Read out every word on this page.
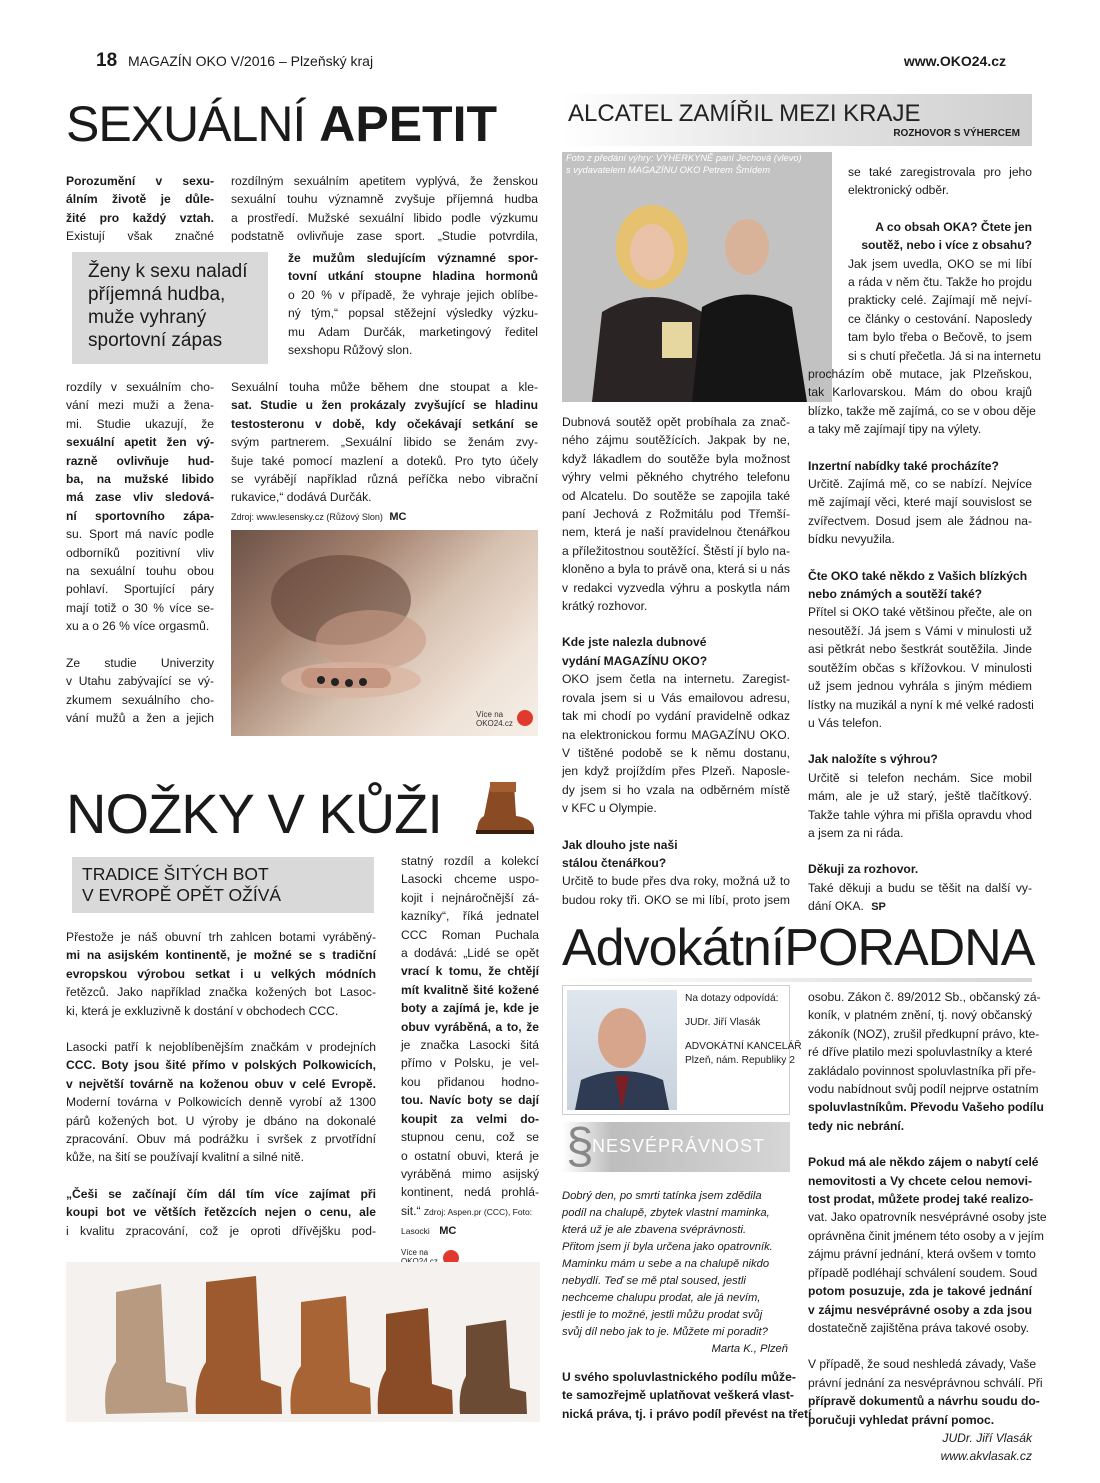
18 MAGAZÍN OKO V/2016 – Plzeňský kraj	www.OKO24.cz
SEXUÁLNÍ APETIT
Porozumění v sexu-
álním životě je důle-
žité pro každý vztah.
Existují však značné
Ženy k sexu naladí
příjemná hudba,
muže vyhraný
sportovní zápas
rozdíly v sexuálním cho-
vání mezi muži a žena-
mi. Studie ukazují, že
sexuální apetit žen vý-
razně ovlivňuje hud-
ba, na mužské libido
má zase vliv sledová-
ní sportovního zápa-
su. Sport má navíc podle
odborníků pozitivní vliv
na sexuální touhu obou
pohlaví. Sportující páry
mají totiž o 30 % více se-
xu a o 26 % více orgasmů.
Ze studie Univerzity
v Utahu zabývající se vý-
zkumem sexuálního cho-
vání mužů a žen a jejich
rozdílným sexuálním apetitem vyplývá, že ženskou
sexuální touhu významně zvyšuje příjemná hudba
a prostředí. Mužské sexuální libido podle výzkumu
podstatně ovlivňuje zase sport. „Studie potvrdila,
že mužům sledujícím významné spor-
tovní utkání stoupne hladina hormonů
o 20 % v případě, že vyhraje jejich oblíbe-
ný tým,“ popsal stěžejní výsledky výzku-
mu Adam Durčák, marketingový ředitel
sexshopu Růžový slon.
Sexuální touha může během dne stoupat a kle-
sat. Studie u žen prokázaly zvyšující se hladinu
testosteronu v době, kdy očekávají setkání se
svým partnerem. „Sexuální libido se ženám zvy-
šuje také pomocí mazlení a doteků. Pro tyto účely
se vyrábějí například různá peříčka nebo vibrační
rukavice,“ dodává Durčák.
Zdroj: www.lesensky.cz (Růžový Slon) MC
Více na
OKO24.cz
ALCATEL ZAMÍŘIL MEZI KRAJE
ROZHOVOR S VÝHERCEM
Foto z předání výhry: VÝHERKYNĚ paní Jechová (vlevo)
s vydavatelem MAGAZÍNU OKO Petrem Šmídem
Dubnová soutěž opět probíhala za znač-
ného zájmu soutěžících. Jakpak by ne,
když lákadlem do soutěže byla možnost
výhry velmi pěkného chytrého telefonu
od Alcatelu. Do soutěže se zapojila také
paní Jechová z Rožmitálu pod Třemší-
nem, která je naší pravidelnou čtenářkou
a příležitostnou soutěžící. Štěstí jí bylo na-
kloněno a byla to právě ona, která si u nás
v redakci vyzvedla výhru a poskytla nám
krátký rozhovor.
Kde jste nalezla dubnové
vydání MAGAZÍNU OKO?
OKO jsem četla na internetu. Zaregist-
rovala jsem si u Vás emailovou adresu,
tak mi chodí po vydání pravidelně odkaz
na elektronickou formu MAGAZÍNU OKO.
V tištěné podobě se k němu dostanu,
jen když projíždím přes Plzeň. Naposle-
dy jsem si ho vzala na odběrném místě
v KFC u Olympie.
Jak dlouho jste naši
stálou čtenářkou?
Určitě to bude přes dva roky, možná už to
budou roky tři. OKO se mi líbí, proto jsem
se také zaregistrovala pro jeho
elektronický odběr.
A co obsah OKA? Čtete jen
soutěž, nebo i více z obsahu?
Jak jsem uvedla, OKO se mi líbí
a ráda v něm čtu. Takže ho projdu
prakticky celé. Zajímají mě nejví-
ce články o cestování. Naposledy
tam bylo třeba o Bečově, to jsem
si s chutí přečetla. Já si na internetu
procházím obě mutace, jak Plzeňskou,
tak Karlovarskou. Mám do obou krajů
blízko, takže mě zajímá, co se v obou děje
a taky mě zajímají tipy na výlety.
Inzertní nabídky také procházíte?
Určitě. Zajímá mě, co se nabízí. Nejvíce
mě zajímají věci, které mají souvislost se
zvířectvem. Dosud jsem ale žádnou na-
bídku nevyužila.
Čte OKO také někdo z Vašich blízkých
nebo známých a soutěží také?
Přítel si OKO také většinou přečte, ale on
nesoutěží. Já jsem s Vámi v minulosti už
asi pětkrát nebo šestkrát soutěžila. Jinde
soutěžím občas s křížovkou. V minulosti
už jsem jednou vyhrála s jiným médiem
lístky na muzikál a nyní k mé velké radosti
u Vás telefon.
Jak naložíte s výhrou?
Určitě si telefon nechám. Sice mobil
mám, ale je už starý, ještě tlačítkový.
Takže tahle výhra mi přišla opravdu vhod
a jsem za ni ráda.
Děkuji za rozhovor.
Také děkuji a budu se těšit na další vy-
dání OKA. SP
NOŽKY V KŮŽI
TRADICE ŠITÝCH BOT
V EVROPĚ OPĚT OŽÍVÁ
Přestože je náš obuvní trh zahlcen botami vyráběný-
mi na asijském kontinentě, je možné se s tradiční
evropskou výrobou setkat i u velkých módních
řetězců. Jako například značka kožených bot Lasoc-
ki, která je exkluzivně k dostání v obchodech CCC.
Lasocki patří k nejoblíbenějším značkám v prodejních
CCC. Boty jsou šité přímo v polských Polkowicích,
v největší továrně na koženou obuv v celé Evropě.
Moderní továrna v Polkowicích denně vyrobí až 1300
párů kožených bot. U výroby je dbáno na dokonalé
zpracování. Obuv má podrážku i svršek z prvotřídní
kůže, na šití se používají kvalitní a silné nitě.
„Češi se začínají čím dál tím více zajímat při
koupi bot ve větších řetězcích nejen o cenu, ale
i kvalitu zpracování, což je oproti dřívějšku pod-
statný rozdíl a kolekcí
Lasocki chceme uspo-
kojit i nejnáročnější zá-
kazníky“, říká jednatel
CCC Roman Puchala
a dodává: „Lidé se opět
vrací k tomu, že chtějí
mít kvalitně šité kožené
boty a zajímá je, kde je
obuv vyráběná, a to, že
je značka Lasocki šitá
přímo v Polsku, je vel-
kou přidanou hodno-
tou. Navíc boty se dají
koupit za velmi do-
stupnou cenu, což se
o ostatní obuvi, která je
vyráběná mimo asijský
kontinent, nedá prohlá-
sit.“ Zdroj: Aspen.pr (CCC), Foto:
Lasocki MC
Více na
AdvokátníPORADNA
Na dotazy odpovídá:
JUDr. Jiří Vlasák
ADVOKÁTNÍ KANCELÁŘ
Plzeň, nám. Republiky 2
§
NESVÉPRÁVNOST
Dobrý den, po smrti tatínka jsem zdědila
podíl na chalupě, zbytek vlastní maminka,
která už je ale zbavena svéprávnosti.
Přitom jsem jí byla určena jako opatrovník.
Maminku mám u sebe a na chalupě nikdo
nebydlí. Teď se mě ptal soused, jestli
nechceme chalupu prodat, ale já nevím,
jestli je to možné, jestli můžu prodat svůj
svůj díl nebo jak to je. Můžete mi poradit?
Marta K., Plzeň
U svého spoluvlastnického podílu může-
te samozřejmě uplatňovat veškerá vlast-
nická práva, tj. i právo podíl převést na třetí
osobu. Zákon č. 89/2012 Sb., občanský zá-
koník, v platném znění, tj. nový občanský
zákoník (NOZ), zrušil předkupní právo, kte-
ré dříve platilo mezi spoluvlastníky a které
zakládalo povinnost spoluvlastníka při pře-
vodu nabídnout svůj podíl nejprve ostatním
spoluvlastníkům. Převodu Vašeho podílu
tedy nic nebrání.
Pokud má ale někdo zájem o nabytí celé
nemovitosti a Vy chcete celou nemovi-
tost prodat, můžete prodej také realizo-
vat. Jako opatrovník nesvéprávné osoby jste
oprávněna činit jménem této osoby a v jejím
zájmu právní jednání, která ovšem v tomto
případě podléhají schválení soudem. Soud
potom posuzuje, zda je takové jednání
v zájmu nesvéprávné osoby a zda jsou
dostatečně zajištěna práva takové osoby.
V případě, že soud neshledá závady, Vaše
právní jednání za nesvéprávnou schválí. Při
přípravě dokumentů a návrhu soudu do-
poručuji vyhledat právní pomoc.
JUDr. Jiří Vlasák
www.akvlasak.cz
